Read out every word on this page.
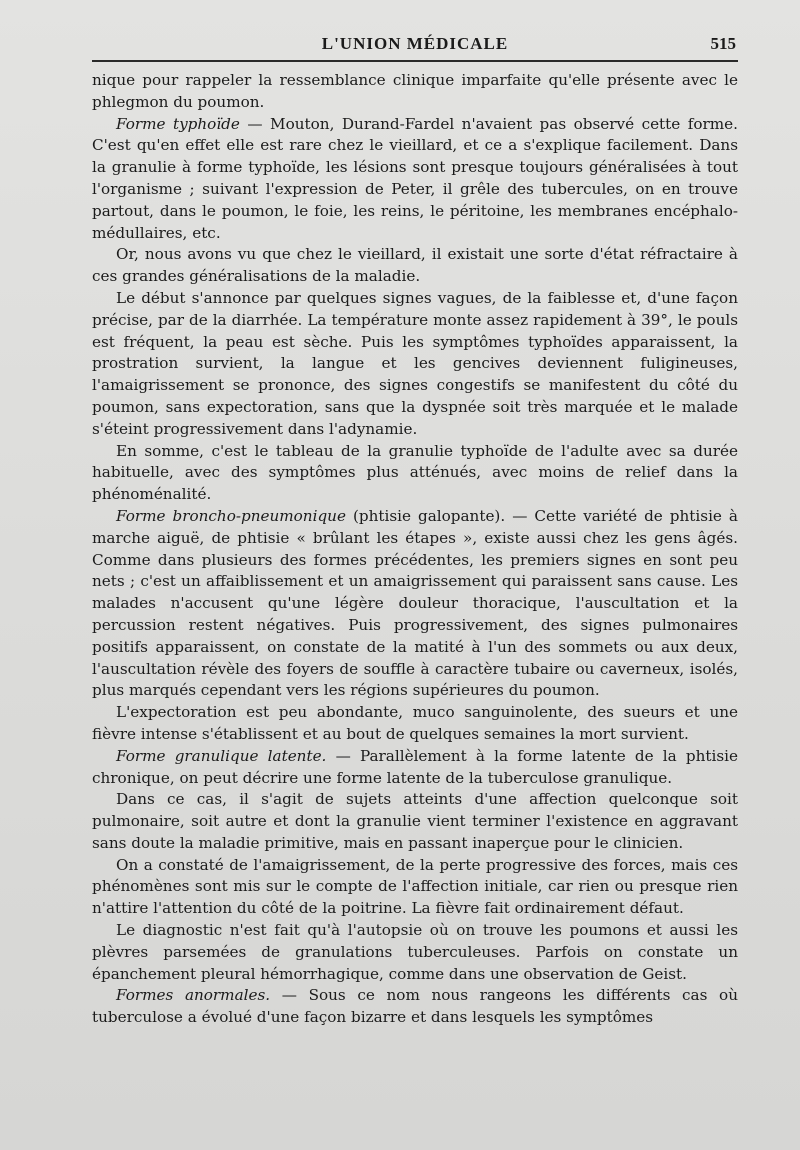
L'UNION MÉDICALE	515

nique pour rappeler la ressemblance clinique imparfaite qu'elle présente avec le phlegmon du poumon.

Forme typhoïde — Mouton, Durand-Fardel n'avaient pas observé cette forme. C'est qu'en effet elle est rare chez le vieillard, et ce a s'explique facilement. Dans la granulie à forme typhoïde, les lésions sont presque toujours généralisées à tout l'organisme ; suivant l'expression de Peter, il grêle des tubercules, on en trouve partout, dans le poumon, le foie, les reins, le péritoine, les membranes encéphalo-médullaires, etc.

Or, nous avons vu que chez le vieillard, il existait une sorte d'état réfractaire à ces grandes généralisations de la maladie.

Le début s'annonce par quelques signes vagues, de la faiblesse et, d'une façon précise, par de la diarrhée. La température monte assez rapidement à 39°, le pouls est fréquent, la peau est sèche. Puis les symptômes typhoïdes apparaissent, la prostration survient, la langue et les gencives deviennent fuligineuses, l'amaigrissement se prononce, des signes congestifs se manifestent du côté du poumon, sans expectoration, sans que la dyspnée soit très marquée et le malade s'éteint progressivement dans l'adynamie.

En somme, c'est le tableau de la granulie typhoïde de l'adulte avec sa durée habituelle, avec des symptômes plus atténués, avec moins de relief dans la phénoménalité.

Forme broncho-pneumonique (phtisie galopante). — Cette variété de phtisie à marche aiguë, de phtisie « brûlant les étapes », existe aussi chez les gens âgés. Comme dans plusieurs des formes précédentes, les premiers signes en sont peu nets ; c'est un affaiblissement et un amaigrissement qui paraissent sans cause. Les malades n'accusent qu'une légère douleur thoracique, l'auscultation et la percussion restent négatives. Puis progressivement, des signes pulmonaires positifs apparaissent, on constate de la matité à l'un des sommets ou aux deux, l'auscultation révèle des foyers de souffle à caractère tubaire ou caverneux, isolés, plus marqués cependant vers les régions supérieures du poumon.

L'expectoration est peu abondante, muco sanguinolente, des sueurs et une fièvre intense s'établissent et au bout de quelques semaines la mort survient.

Forme granulique latente. — Parallèlement à la forme latente de la phtisie chronique, on peut décrire une forme latente de la tuberculose granulique.

Dans ce cas, il s'agit de sujets atteints d'une affection quelconque soit pulmonaire, soit autre et dont la granulie vient terminer l'existence en aggravant sans doute la maladie primitive, mais en passant inaperçue pour le clinicien.

On a constaté de l'amaigrissement, de la perte progressive des forces, mais ces phénomènes sont mis sur le compte de l'affection initiale, car rien ou presque rien n'attire l'attention du côté de la poitrine. La fièvre fait ordinairement défaut.

Le diagnostic n'est fait qu'à l'autopsie où on trouve les poumons et aussi les plèvres parsemées de granulations tuberculeuses. Parfois on constate un épanchement pleural hémorrhagique, comme dans une observation de Geist.

Formes anormales. — Sous ce nom nous rangeons les différents cas où tuberculose a évolué d'une façon bizarre et dans lesquels les symptômes
